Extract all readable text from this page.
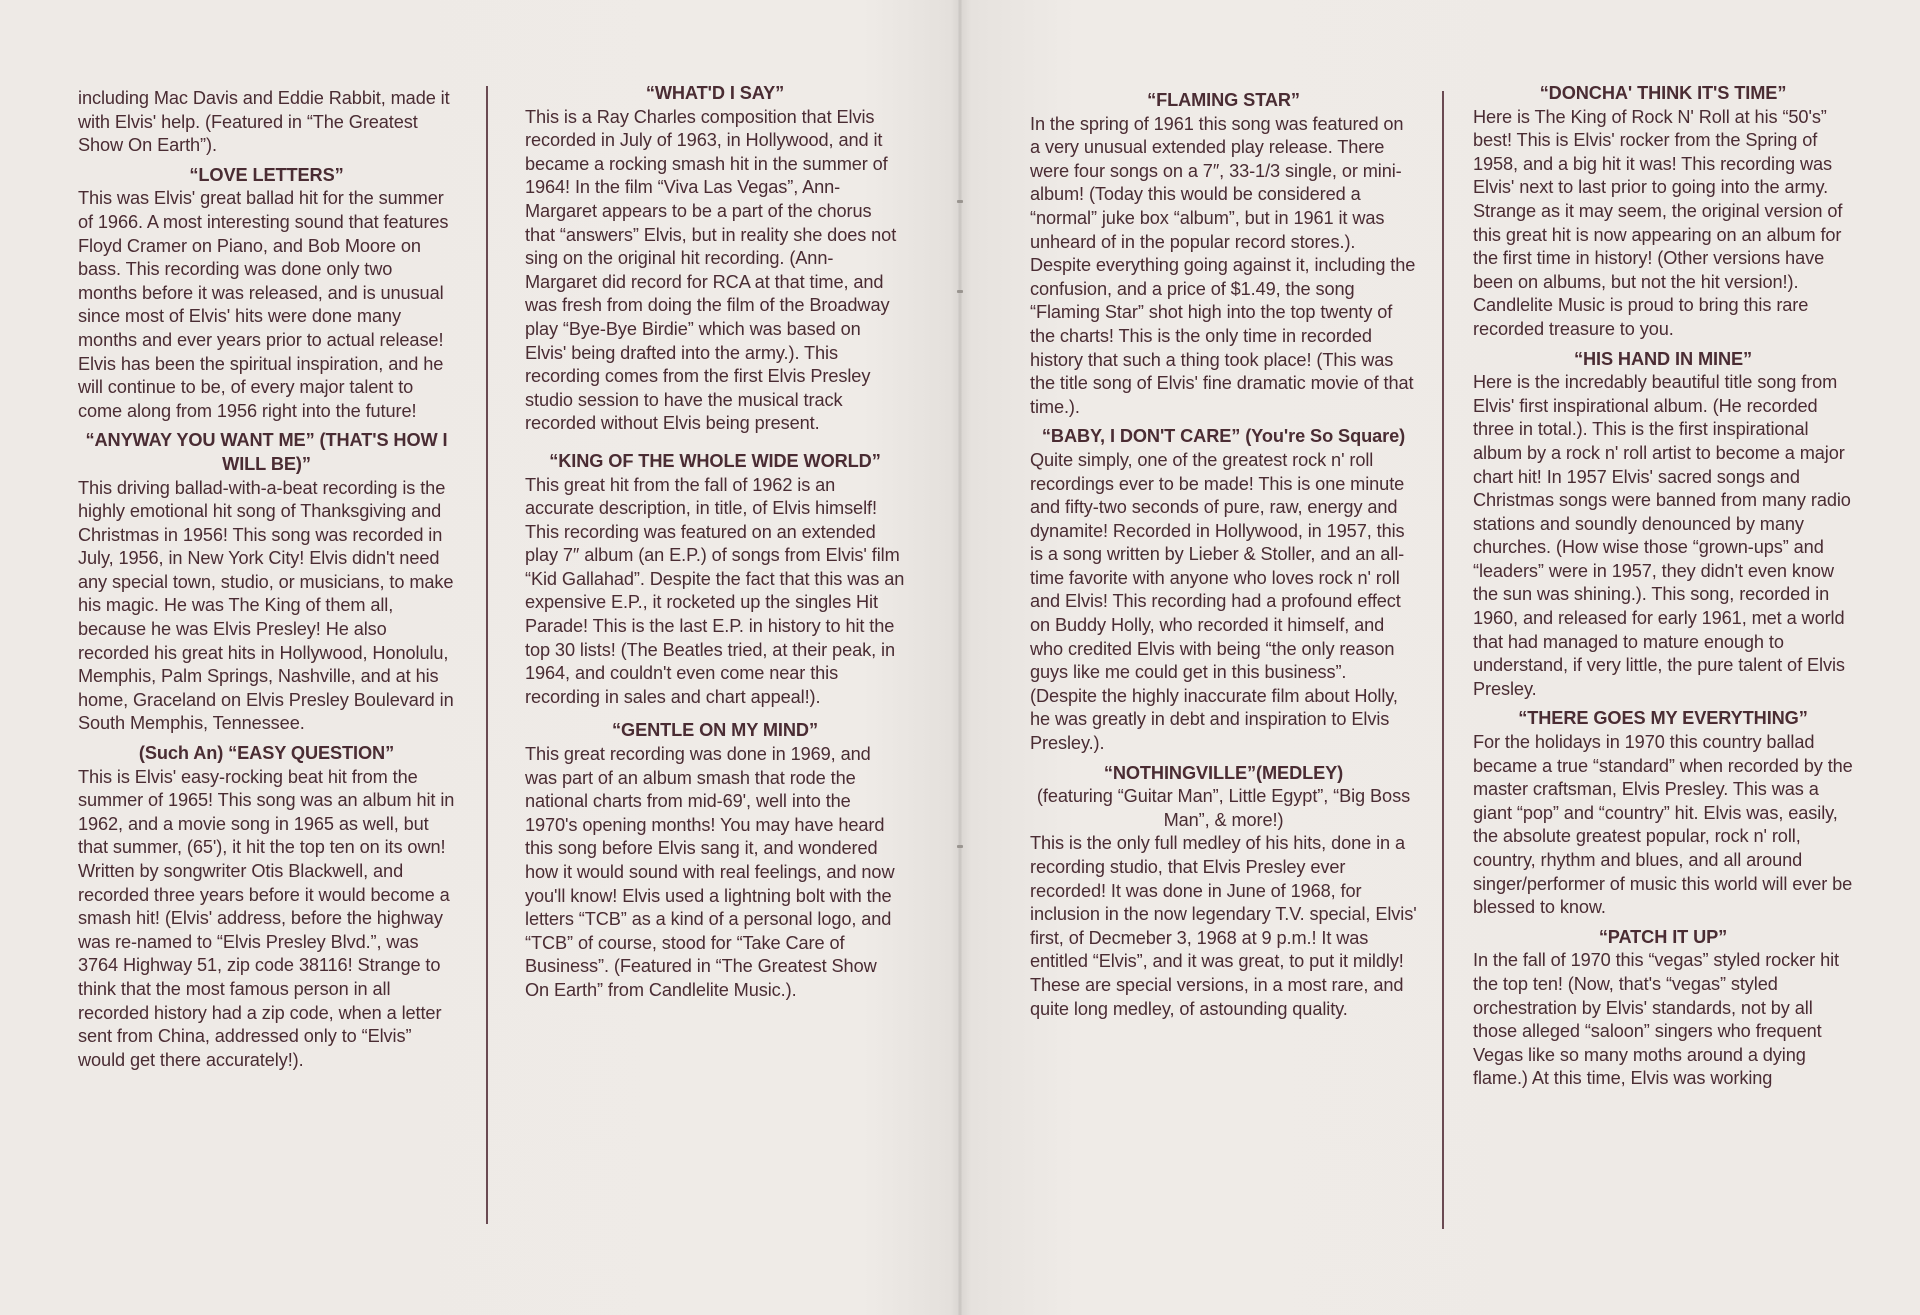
including Mac Davis and Eddie Rabbit, made it with Elvis' help. (Featured in “The Greatest Show On Earth”).

“LOVE LETTERS”

This was Elvis' great ballad hit for the summer of 1966. A most interesting sound that features Floyd Cramer on Piano, and Bob Moore on bass. This recording was done only two months before it was released, and is unusual since most of Elvis' hits were done many months and ever years prior to actual release! Elvis has been the spiritual inspiration, and he will continue to be, of every major talent to come along from 1956 right into the future!

“ANYWAY YOU WANT ME” (THAT'S HOW I WILL BE)”

This driving ballad-with-a-beat recording is the highly emotional hit song of Thanksgiving and Christmas in 1956! This song was recorded in July, 1956, in New York City! Elvis didn't need any special town, studio, or musicians, to make his magic. He was The King of them all, because he was Elvis Presley! He also recorded his great hits in Hollywood, Honolulu, Memphis, Palm Springs, Nashville, and at his home, Graceland on Elvis Presley Boulevard in South Memphis, Tennessee.

(Such An) “EASY QUESTION”

This is Elvis' easy-rocking beat hit from the summer of 1965! This song was an album hit in 1962, and a movie song in 1965 as well, but that summer, (65'), it hit the top ten on its own! Written by songwriter Otis Blackwell, and recorded three years before it would become a smash hit! (Elvis' address, before the highway was re-named to “Elvis Presley Blvd.”, was 3764 Highway 51, zip code 38116! Strange to think that the most famous person in all recorded history had a zip code, when a letter sent from China, addressed only to “Elvis” would get there accurately!).

“WHAT'D I SAY”

This is a Ray Charles composition that Elvis recorded in July of 1963, in Hollywood, and it became a rocking smash hit in the summer of 1964! In the film “Viva Las Vegas”, Ann-Margaret appears to be a part of the chorus that “answers” Elvis, but in reality she does not sing on the original hit recording. (Ann-Margaret did record for RCA at that time, and was fresh from doing the film of the Broadway play “Bye-Bye Birdie” which was based on Elvis' being drafted into the army.). This recording comes from the first Elvis Presley studio session to have the musical track recorded without Elvis being present.

“KING OF THE WHOLE WIDE WORLD”

This great hit from the fall of 1962 is an accurate description, in title, of Elvis himself! This recording was featured on an extended play 7″ album (an E.P.) of songs from Elvis' film “Kid Gallahad”. Despite the fact that this was an expensive E.P., it rocketed up the singles Hit Parade! This is the last E.P. in history to hit the top 30 lists! (The Beatles tried, at their peak, in 1964, and couldn't even come near this recording in sales and chart appeal!).

“GENTLE ON MY MIND”

This great recording was done in 1969, and was part of an album smash that rode the national charts from mid-69', well into the 1970's opening months! You may have heard this song before Elvis sang it, and wondered how it would sound with real feelings, and now you'll know! Elvis used a lightning bolt with the letters “TCB” as a kind of a personal logo, and “TCB” of course, stood for “Take Care of Business”. (Featured in “The Greatest Show On Earth” from Candlelite Music.).

“FLAMING STAR”

In the spring of 1961 this song was featured on a very unusual extended play release. There were four songs on a 7″, 33-1/3 single, or mini-album! (Today this would be considered a “normal” juke box “album”, but in 1961 it was unheard of in the popular record stores.). Despite everything going against it, including the confusion, and a price of $1.49, the song “Flaming Star” shot high into the top twenty of the charts! This is the only time in recorded history that such a thing took place! (This was the title song of Elvis' fine dramatic movie of that time.).

“BABY, I DON'T CARE” (You're So Square)

Quite simply, one of the greatest rock n' roll recordings ever to be made! This is one minute and fifty-two seconds of pure, raw, energy and dynamite! Recorded in Hollywood, in 1957, this is a song written by Lieber & Stoller, and an all-time favorite with anyone who loves rock n' roll and Elvis! This recording had a profound effect on Buddy Holly, who recorded it himself, and who credited Elvis with being “the only reason guys like me could get in this business”. (Despite the highly inaccurate film about Holly, he was greatly in debt and inspiration to Elvis Presley.).

“NOTHINGVILLE”(MEDLEY)

(featuring “Guitar Man”, Little Egypt”, “Big Boss Man”, & more!)

This is the only full medley of his hits, done in a recording studio, that Elvis Presley ever recorded! It was done in June of 1968, for inclusion in the now legendary T.V. special, Elvis' first, of Decmeber 3, 1968 at 9 p.m.! It was entitled “Elvis”, and it was great, to put it mildly! These are special versions, in a most rare, and quite long medley, of astounding quality.

“DONCHA' THINK IT'S TIME”

Here is The King of Rock N' Roll at his “50's” best! This is Elvis' rocker from the Spring of 1958, and a big hit it was! This recording was Elvis' next to last prior to going into the army. Strange as it may seem, the original version of this great hit is now appearing on an album for the first time in history! (Other versions have been on albums, but not the hit version!). Candlelite Music is proud to bring this rare recorded treasure to you.

“HIS HAND IN MINE”

Here is the incredably beautiful title song from Elvis' first inspirational album. (He recorded three in total.). This is the first inspirational album by a rock n' roll artist to become a major chart hit! In 1957 Elvis' sacred songs and Christmas songs were banned from many radio stations and soundly denounced by many churches. (How wise those “grown-ups” and “leaders” were in 1957, they didn't even know the sun was shining.). This song, recorded in 1960, and released for early 1961, met a world that had managed to mature enough to understand, if very little, the pure talent of Elvis Presley.

“THERE GOES MY EVERYTHING”

For the holidays in 1970 this country ballad became a true “standard” when recorded by the master craftsman, Elvis Presley. This was a giant “pop” and “country” hit. Elvis was, easily, the absolute greatest popular, rock n' roll, country, rhythm and blues, and all around singer/performer of music this world will ever be blessed to know.

“PATCH IT UP”

In the fall of 1970 this “vegas” styled rocker hit the top ten! (Now, that's “vegas” styled orchestration by Elvis' standards, not by all those alleged “saloon” singers who frequent Vegas like so many moths around a dying flame.) At this time, Elvis was working
